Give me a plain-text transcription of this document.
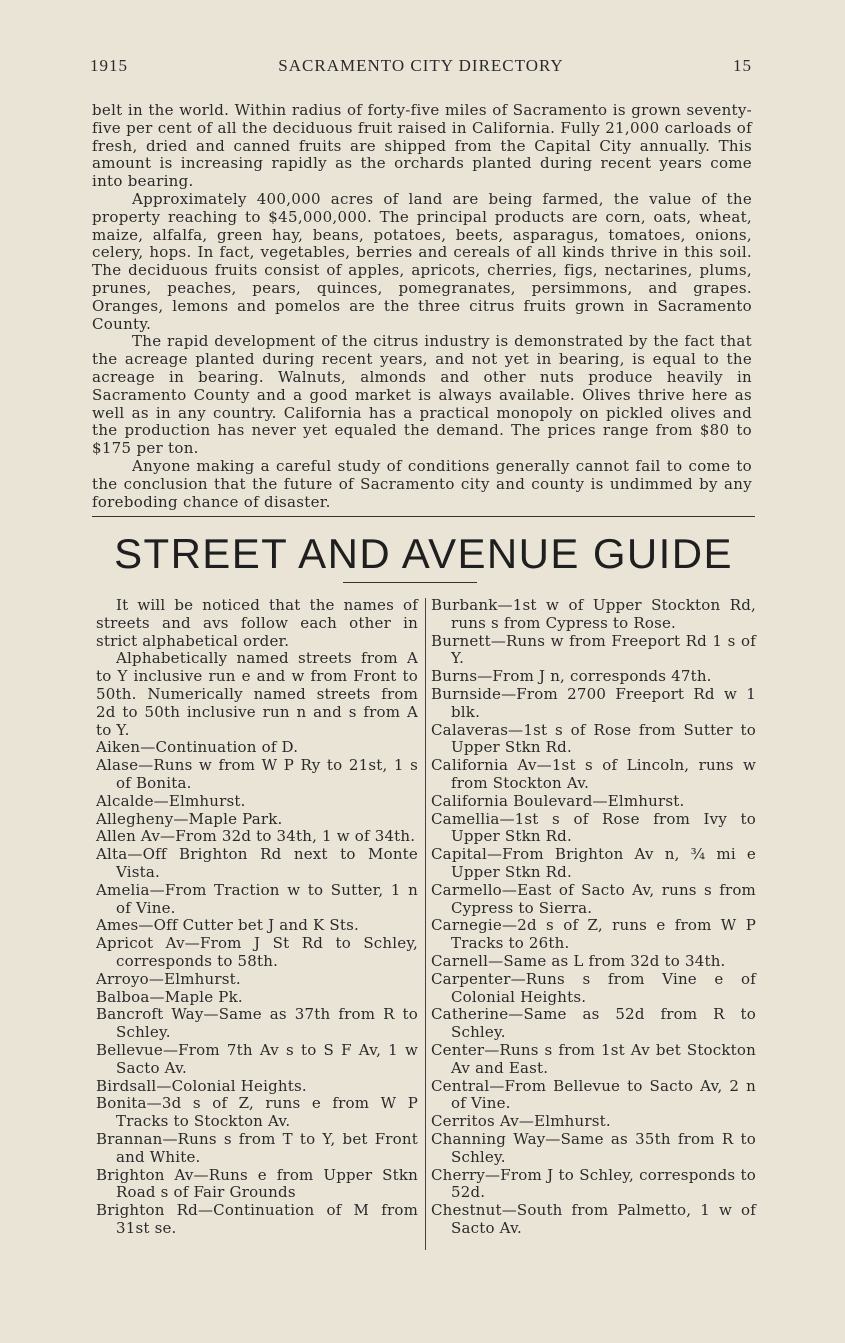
1915	SACRAMENTO CITY DIRECTORY	15

belt in the world. Within radius of forty-five miles of Sacramento is grown seventy-five per cent of all the deciduous fruit raised in California. Fully 21,000 carloads of fresh, dried and canned fruits are shipped from the Capital City annually. This amount is increasing rapidly as the orchards planted during recent years come into bearing.

Approximately 400,000 acres of land are being farmed, the value of the property reaching to $45,000,000. The principal products are corn, oats, wheat, maize, alfalfa, green hay, beans, potatoes, beets, asparagus, tomatoes, onions, celery, hops. In fact, vegetables, berries and cereals of all kinds thrive in this soil. The deciduous fruits consist of apples, apricots, cherries, figs, nectarines, plums, prunes, peaches, pears, quinces, pomegranates, persimmons, and grapes. Oranges, lemons and pomelos are the three citrus fruits grown in Sacramento County.

The rapid development of the citrus industry is demonstrated by the fact that the acreage planted during recent years, and not yet in bearing, is equal to the acreage in bearing. Walnuts, almonds and other nuts produce heavily in Sacramento County and a good market is always available. Olives thrive here as well as in any country. California has a practical monopoly on pickled olives and the production has never yet equaled the demand. The prices range from $80 to $175 per ton.

Anyone making a careful study of conditions generally cannot fail to come to the conclusion that the future of Sacramento city and county is undimmed by any foreboding chance of disaster.

STREET AND AVENUE GUIDE

It will be noticed that the names of streets and avs follow each other in strict alphabetical order.

Alphabetically named streets from A to Y inclusive run e and w from Front to 50th. Numerically named streets from 2d to 50th inclusive run n and s from A to Y.

Aiken—Continuation of D.

Alase—Runs w from W P Ry to 21st, 1 s of Bonita.

Alcalde—Elmhurst.

Allegheny—Maple Park.

Allen Av—From 32d to 34th, 1 w of 34th.

Alta—Off Brighton Rd next to Monte Vista.

Amelia—From Traction w to Sutter, 1 n of Vine.

Ames—Off Cutter bet J and K Sts.

Apricot Av—From J St Rd to Schley, corresponds to 58th.

Arroyo—Elmhurst.

Balboa—Maple Pk.

Bancroft Way—Same as 37th from R to Schley.

Bellevue—From 7th Av s to S F Av, 1 w Sacto Av.

Birdsall—Colonial Heights.

Bonita—3d s of Z, runs e from W P Tracks to Stockton Av.

Brannan—Runs s from T to Y, bet Front and White.

Brighton Av—Runs e from Upper Stkn Road s of Fair Grounds

Brighton Rd—Continuation of M from 31st se.

Burbank—1st w of Upper Stockton Rd, runs s from Cypress to Rose.

Burnett—Runs w from Freeport Rd 1 s of Y.

Burns—From J n, corresponds 47th.

Burnside—From 2700 Freeport Rd w 1 blk.

Calaveras—1st s of Rose from Sutter to Upper Stkn Rd.

California Av—1st s of Lincoln, runs w from Stockton Av.

California Boulevard—Elmhurst.

Camellia—1st s of Rose from Ivy to Upper Stkn Rd.

Capital—From Brighton Av n, ¾ mi e Upper Stkn Rd.

Carmello—East of Sacto Av, runs s from Cypress to Sierra.

Carnegie—2d s of Z, runs e from W P Tracks to 26th.

Carnell—Same as L from 32d to 34th.

Carpenter—Runs s from Vine e of Colonial Heights.

Catherine—Same as 52d from R to Schley.

Center—Runs s from 1st Av bet Stockton Av and East.

Central—From Bellevue to Sacto Av, 2 n of Vine.

Cerritos Av—Elmhurst.

Channing Way—Same as 35th from R to Schley.

Cherry—From J to Schley, corresponds to 52d.

Chestnut—South from Palmetto, 1 w of Sacto Av.
